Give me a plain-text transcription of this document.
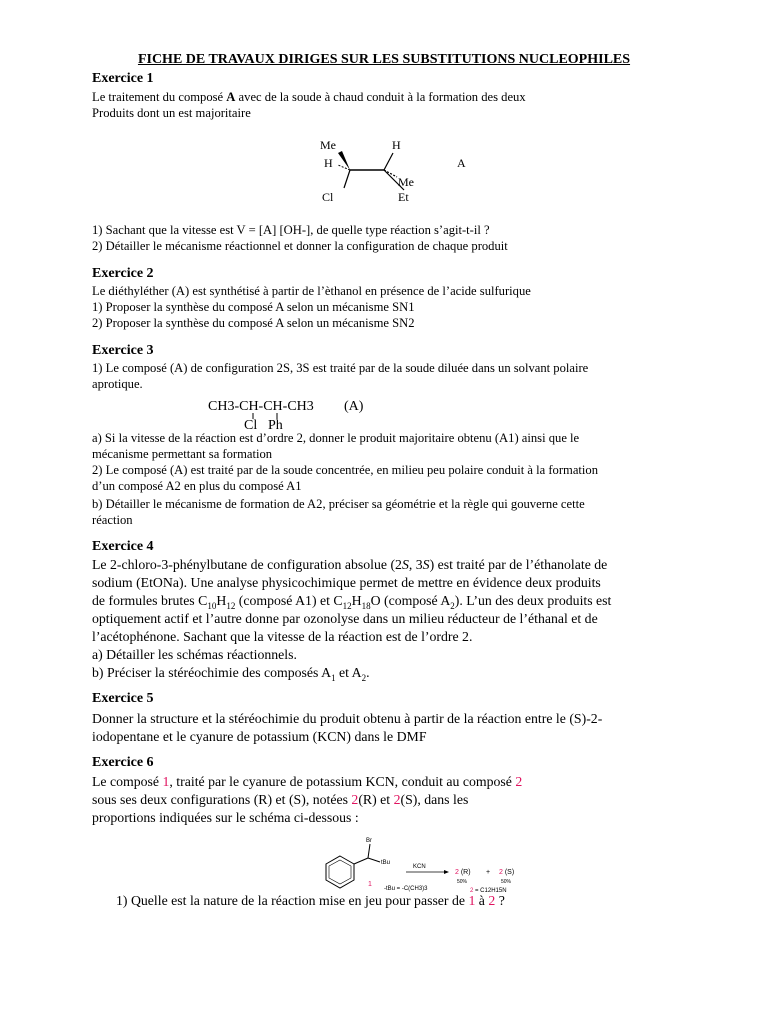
FICHE DE TRAVAUX DIRIGES SUR LES SUBSTITUTIONS NUCLEOPHILES
Exercice 1
Le traitement du composé A avec de la soude à chaud conduit à la formation des deux
Produits dont un est majoritaire
Me
H
H
Me
Cl	Et
A
1) Sachant que la vitesse est V = [A] [OH-], de quelle type réaction s’agit-t-il ?
2) Détailler le mécanisme réactionnel et donner la configuration de chaque produit
Exercice 2
Le diéthyléther (A) est synthétisé à partir de l’èthanol en présence de l’acide sulfurique
1) Proposer la synthèse du composé A selon un mécanisme SN1
2) Proposer la synthèse du composé A selon un mécanisme SN2
Exercice 3
1) Le composé (A) de configuration 2S, 3S est traité par de la soude diluée dans un solvant polaire
aprotique.
CH3-CH-CH-CH3 (A)
Cl Ph
a) Si la vitesse de la réaction est d’ordre 2, donner le produit majoritaire obtenu (A1) ainsi que le
mécanisme permettant sa formation
2) Le composé (A) est traité par de la soude concentrée, en milieu peu polaire conduit à la formation
d’un composé A2 en plus du composé A1
b) Détailler le mécanisme de formation de A2, préciser sa géométrie et la règle qui gouverne cette
réaction
Exercice 4
Le 2-chloro-3-phénylbutane de configuration absolue (2S, 3S) est traité par de l’éthanolate de
sodium (EtONa). Une analyse physicochimique permet de mettre en évidence deux produits
de formules brutes $C_{10}H_{12}$ (composé A1) et $C_{12}H_{18}O$ (composé $A_2$). L’un des deux produits est
optiquement actif et l’autre donne par ozonolyse dans un milieu réducteur de l’éthanal et de
l’acétophénone. Sachant que la vitesse de la réaction est de l’ordre 2.
a) Détailler les schémas réactionnels.
b) Préciser la stéréochimie des composés $A_1$ et $A_2$.
Exercice 5
Donner la structure et la stéréochimie du produit obtenu à partir de la réaction entre le (S)-2-
iodopentane et le cyanure de potassium (KCN) dans le DMF
Exercice 6
Le composé 1, traité par le cyanure de potassium KCN, conduit au composé 2
sous ses deux configurations (R) et (S), notées 2(R) et 2(S), dans les
proportions indiquées sur le schéma ci-dessous :
Br
tBu
1
-tBu = -C(CH3)3
KCN
2 (R) + 2 (S)
50%	50%
2 = C12H15N
1) Quelle est la nature de la réaction mise en jeu pour passer de 1 à 2 ?
